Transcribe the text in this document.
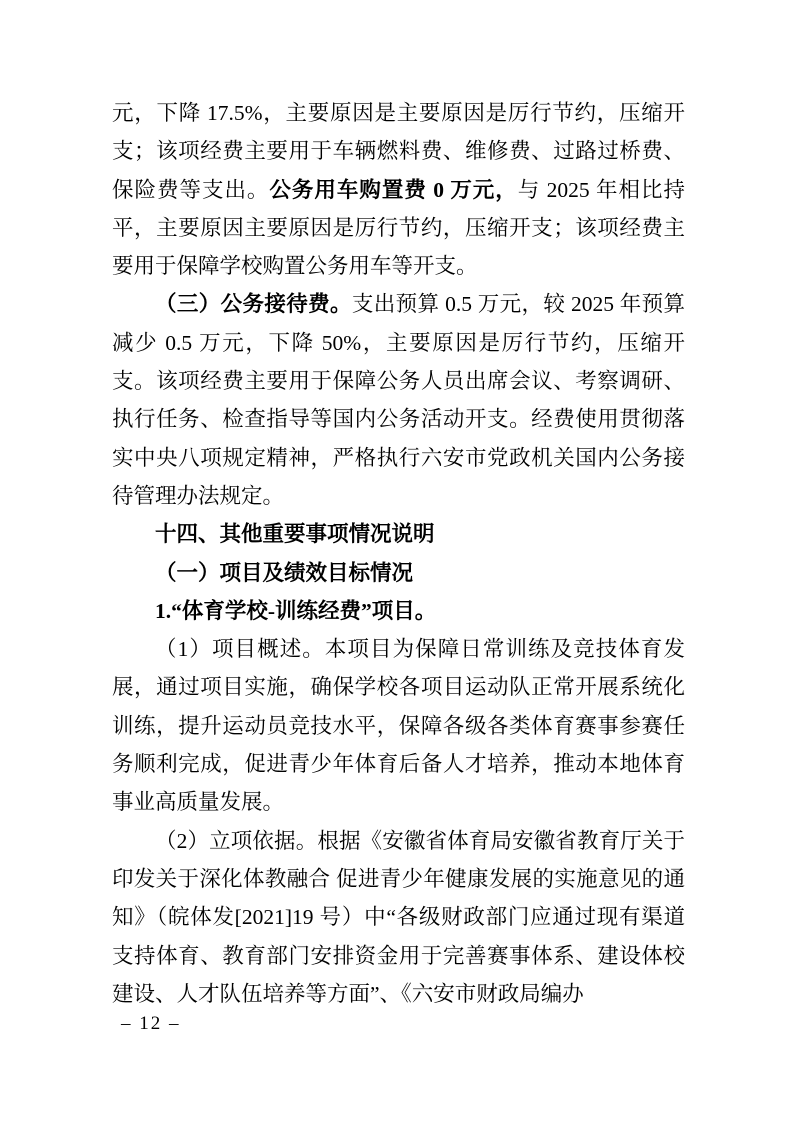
元，下降 17.5%，主要原因是主要原因是厉行节约，压缩开支；该项经费主要用于车辆燃料费、维修费、过路过桥费、保险费等支出。公务用车购置费 0 万元，与 2025 年相比持平，主要原因主要原因是厉行节约，压缩开支；该项经费主要用于保障学校购置公务用车等开支。

（三）公务接待费。支出预算 0.5 万元，较 2025 年预算减少 0.5 万元，下降 50%，主要原因是厉行节约，压缩开支。该项经费主要用于保障公务人员出席会议、考察调研、执行任务、检查指导等国内公务活动开支。经费使用贯彻落实中央八项规定精神，严格执行六安市党政机关国内公务接待管理办法规定。

十四、其他重要事项情况说明
（一）项目及绩效目标情况
1.“体育学校-训练经费”项目。

（1）项目概述。本项目为保障日常训练及竞技体育发展，通过项目实施，确保学校各项目运动队正常开展系统化训练，提升运动员竞技水平，保障各级各类体育赛事参赛任务顺利完成，促进青少年体育后备人才培养，推动本地体育事业高质量发展。

（2）立项依据。根据《安徽省体育局安徽省教育厅关于印发关于深化体教融合 促进青少年健康发展的实施意见的通知》（皖体发[2021]19 号）中“各级财政部门应通过现有渠道支持体育、教育部门安排资金用于完善赛事体系、建设体校建设、人才队伍培养等方面”、《六安市财政局编办

– 12 –
